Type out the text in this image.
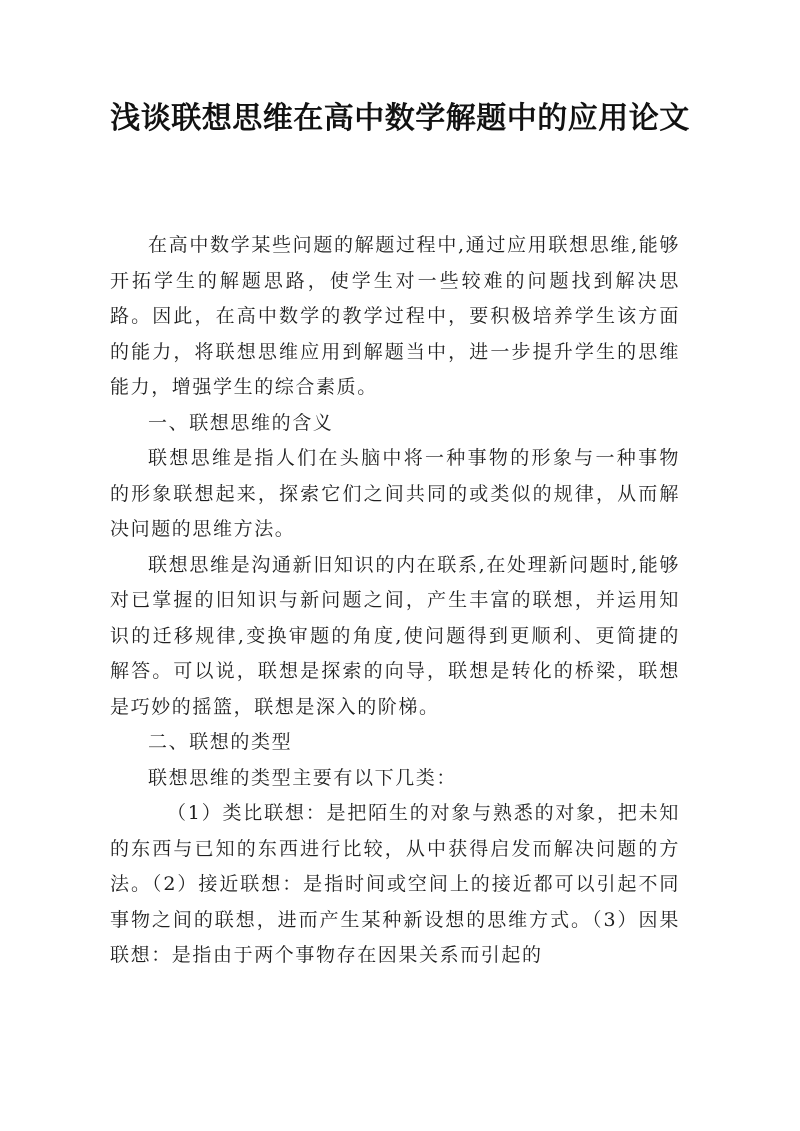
浅谈联想思维在高中数学解题中的应用论文

在高中数学某些问题的解题过程中,通过应用联想思维,能够开拓学生的解题思路，使学生对一些较难的问题找到解决思路。因此，在高中数学的教学过程中，要积极培养学生该方面的能力，将联想思维应用到解题当中，进一步提升学生的思维能力，增强学生的综合素质。

一、联想思维的含义

联想思维是指人们在头脑中将一种事物的形象与一种事物的形象联想起来，探索它们之间共同的或类似的规律，从而解决问题的思维方法。

联想思维是沟通新旧知识的内在联系,在处理新问题时,能够对已掌握的旧知识与新问题之间，产生丰富的联想，并运用知识的迁移规律,变换审题的角度,使问题得到更顺利、更简捷的解答。可以说，联想是探索的向导，联想是转化的桥梁，联想是巧妙的摇篮，联想是深入的阶梯。

二、联想的类型

联想思维的类型主要有以下几类：

（1）类比联想：是把陌生的对象与熟悉的对象，把未知的东西与已知的东西进行比较，从中获得启发而解决问题的方法。（2）接近联想：是指时间或空间上的接近都可以引起不同事物之间的联想，进而产生某种新设想的思维方式。（3）因果联想：是指由于两个事物存在因果关系而引起的
